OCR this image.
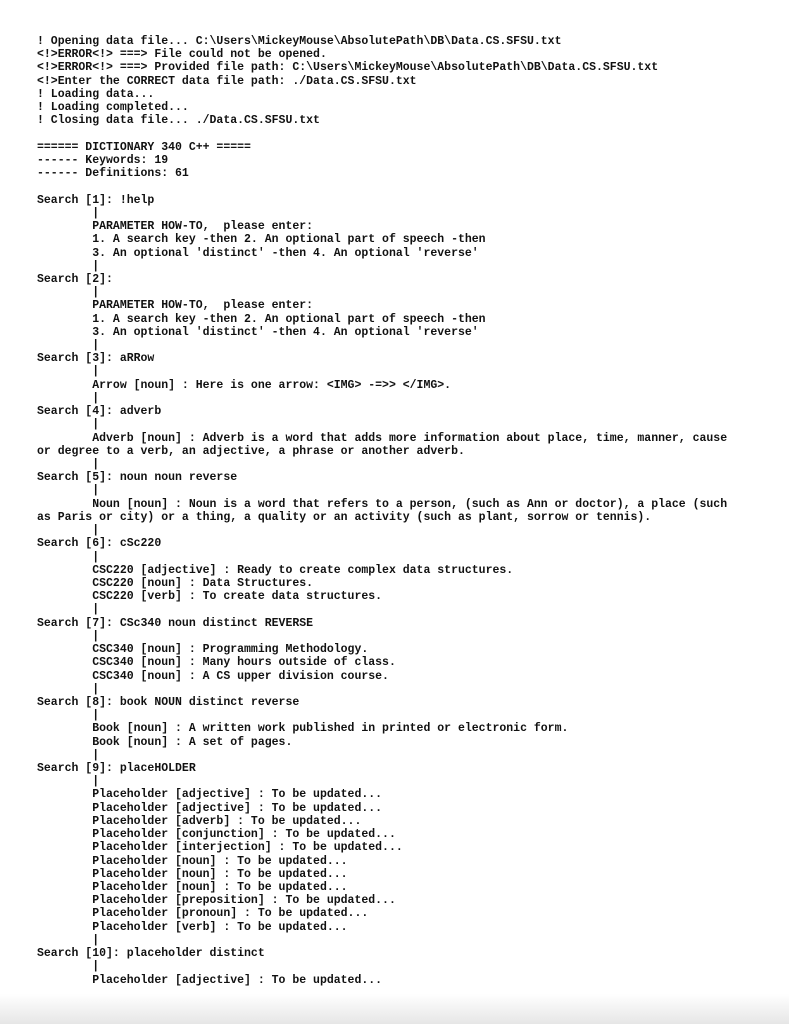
! Opening data file... C:\Users\MickeyMouse\AbsolutePath\DB\Data.CS.SFSU.txt
<!>ERROR<!> ===> File could not be opened.
<!>ERROR<!> ===> Provided file path: C:\Users\MickeyMouse\AbsolutePath\DB\Data.CS.SFSU.txt
<!>Enter the CORRECT data file path: ./Data.CS.SFSU.txt
! Loading data...
! Loading completed...
! Closing data file... ./Data.CS.SFSU.txt
====== DICTIONARY 340 C++ =====
------ Keywords: 19
------ Definitions: 61
Search [1]: !help
|
PARAMETER HOW-TO,  please enter:
1. A search key -then 2. An optional part of speech -then
3. An optional 'distinct' -then 4. An optional 'reverse'
|
Search [2]:
|
PARAMETER HOW-TO,  please enter:
1. A search key -then 2. An optional part of speech -then
3. An optional 'distinct' -then 4. An optional 'reverse'
|
Search [3]: aRRow
|
Arrow [noun] : Here is one arrow: <IMG> -=>> </IMG>.
|
Search [4]: adverb
|
Adverb [noun] : Adverb is a word that adds more information about place, time, manner, cause
or degree to a verb, an adjective, a phrase or another adverb.
|
Search [5]: noun noun reverse
|
Noun [noun] : Noun is a word that refers to a person, (such as Ann or doctor), a place (such
as Paris or city) or a thing, a quality or an activity (such as plant, sorrow or tennis).
|
Search [6]: cSc220
|
CSC220 [adjective] : Ready to create complex data structures.
CSC220 [noun] : Data Structures.
CSC220 [verb] : To create data structures.
|
Search [7]: CSc340 noun distinct REVERSE
|
CSC340 [noun] : Programming Methodology.
CSC340 [noun] : Many hours outside of class.
CSC340 [noun] : A CS upper division course.
|
Search [8]: book NOUN distinct reverse
|
Book [noun] : A written work published in printed or electronic form.
Book [noun] : A set of pages.
|
Search [9]: placeHOLDER
|
Placeholder [adjective] : To be updated...
Placeholder [adjective] : To be updated...
Placeholder [adverb] : To be updated...
Placeholder [conjunction] : To be updated...
Placeholder [interjection] : To be updated...
Placeholder [noun] : To be updated...
Placeholder [noun] : To be updated...
Placeholder [noun] : To be updated...
Placeholder [preposition] : To be updated...
Placeholder [pronoun] : To be updated...
Placeholder [verb] : To be updated...
|
Search [10]: placeholder distinct
|
Placeholder [adjective] : To be updated...
